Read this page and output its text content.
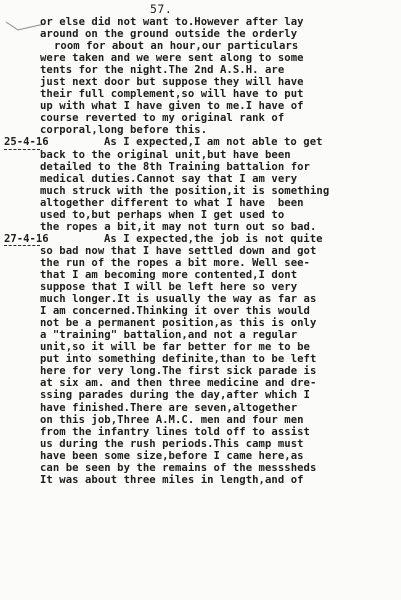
57.
or else did not want to.However after lay
around on the ground outside the orderly
room for about an hour,our particulars
were taken and we were sent along to some
tents for the night.The 2nd A.S.H. are
just next door but suppose they will have
their full complement,so will have to put
up with what I have given to me.I have of
course reverted to my original rank of
corporal,long before this.
25-4-16	As I expected,I am not able to get
back to the original unit,but have been
detailed to the 8th Training battalion for
medical duties.Cannot say that I am very
much struck with the position,it is something
altogether different to what I have  been
used to,but perhaps when I get used to
the ropes a bit,it may not turn out so bad.
27-4-16	As I expected,the job is not quite
so bad now that I have settled down and got
the run of the ropes a bit more. Well see-
that I am becoming more contented,I dont
suppose that I will be left here so very
much longer.It is usually the way as far as
I am concerned.Thinking it over this would
not be a permanent position,as this is only
a "training" battalion,and not a regular
unit,so it will be far better for me to be
put into something definite,than to be left
here for very long.The first sick parade is
at six am. and then three medicine and dre-
ssing parades during the day,after which I
have finished.There are seven,altogether
on this job,Three A.M.C. men and four men
from the infantry lines told off to assist
us during the rush periods.This camp must
have been some size,before I came here,as
can be seen by the remains of the messsheds
It was about three miles in length,and of
